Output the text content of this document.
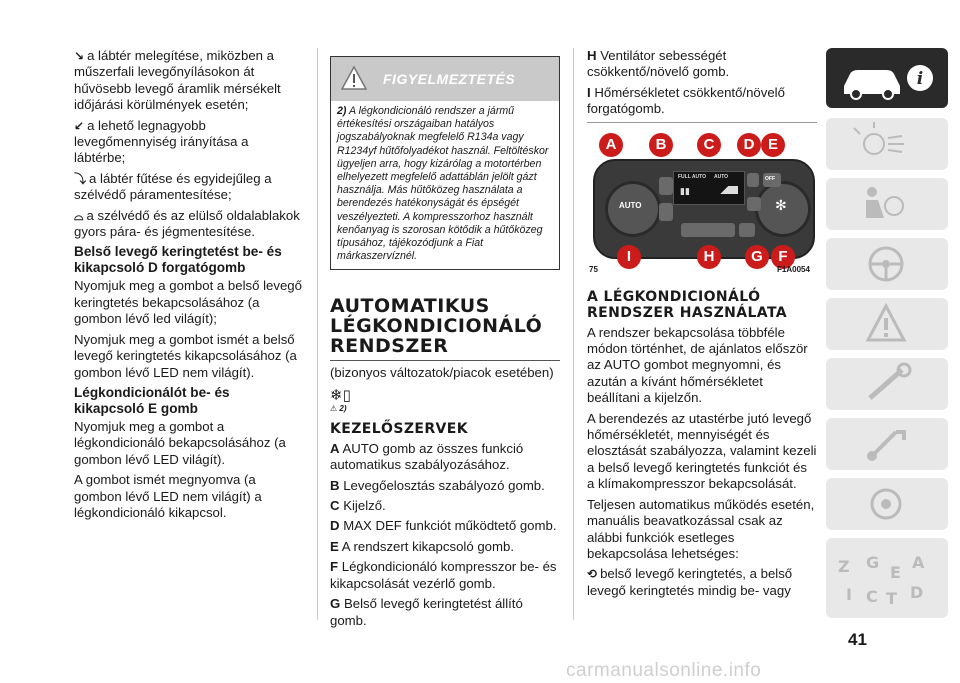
↘ a lábtér melegítése, miközben a műszerfali levegőnyílásokon át hűvösebb levegő áramlik mérsékelt időjárási körülmények esetén;

↙ a lehető legnagyobb levegőmennyiség irányítása a lábtérbe;

⤵ a lábtér fűtése és egyidejűleg a szélvédő páramentesítése;

⌓ a szélvédő és az elülső oldalablakok gyors pára- és jégmentesítése.

Belső levegő keringtetést be- és kikapcsoló D forgatógomb

Nyomjuk meg a gombot a belső levegő keringtetés bekapcsolásához (a gombon lévő led világít);

Nyomjuk meg a gombot ismét a belső levegő keringtetés kikapcsolásához (a gombon lévő LED nem világít).

Légkondicionálót be- és kikapcsoló E gomb

Nyomjuk meg a gombot a légkondicionáló bekapcsolásához (a gombon lévő LED világít).

A gombot ismét megnyomva (a gombon lévő LED nem világít) a légkondicionáló kikapcsol.

FIGYELMEZTETÉS
2) A légkondicionáló rendszer a jármű értékesítési országaiban hatályos jogszabályoknak megfelelő R134a vagy R1234yf hűtőfolyadékot használ. Feltöltéskor ügyeljen arra, hogy kizárólag a motortérben elhelyezett megfelelő adattáblán jelölt gázt használja. Más hűtőközeg használata a berendezés hatékonyságát és épségét veszélyezteti. A kompresszorhoz használt kenőanyag is szorosan kötődik a hűtőközeg típusához, tájékozódjunk a Fiat márkaszervíznél.
AUTOMATIKUS LÉGKONDICIONÁLÓ RENDSZER

(bizonyos változatok/piacok esetében)

❄▯
⚠ 2)
KEZELŐSZERVEK

A AUTO gomb az összes funkció automatikus szabályozásához.

B Levegőelosztás szabályozó gomb.

C Kijelző.

D MAX DEF funkciót működtető gomb.

E A rendszert kikapcsoló gomb.

F Légkondicionáló kompresszor be- és kikapcsolását vezérlő gomb.

G Belső levegő keringtetést állító gomb.

H Ventilátor sebességét csökkentő/növelő gomb.

I Hőmérsékletet csökkentő/növelő forgatógomb.

AUTO	✻
FULL AUTO AUTO
▮▮
OFF
A	B	C	D E
I	H	G	F
75	F1A0054
A LÉGKONDICIONÁLÓ RENDSZER HASZNÁLATA

A rendszer bekapcsolása többféle módon történhet, de ajánlatos először az AUTO gombot megnyomni, és azután a kívánt hőmérsékletet beállítani a kijelzőn.

A berendezés az utastérbe jutó levegő hőmérsékletét, mennyiségét és elosztását szabályozza, valamint kezeli a belső levegő keringtetés funkciót és a klímakompresszor bekapcsolását.

Teljesen automatikus működés esetén, manuális beavatkozással csak az alábbi funkciók esetleges bekapcsolása lehetséges:

⟲ belső levegő keringtetés, a belső levegő keringtetés mindig be- vagy

i
Z G
E
A
I C T D
41
carmanualsonline.info
